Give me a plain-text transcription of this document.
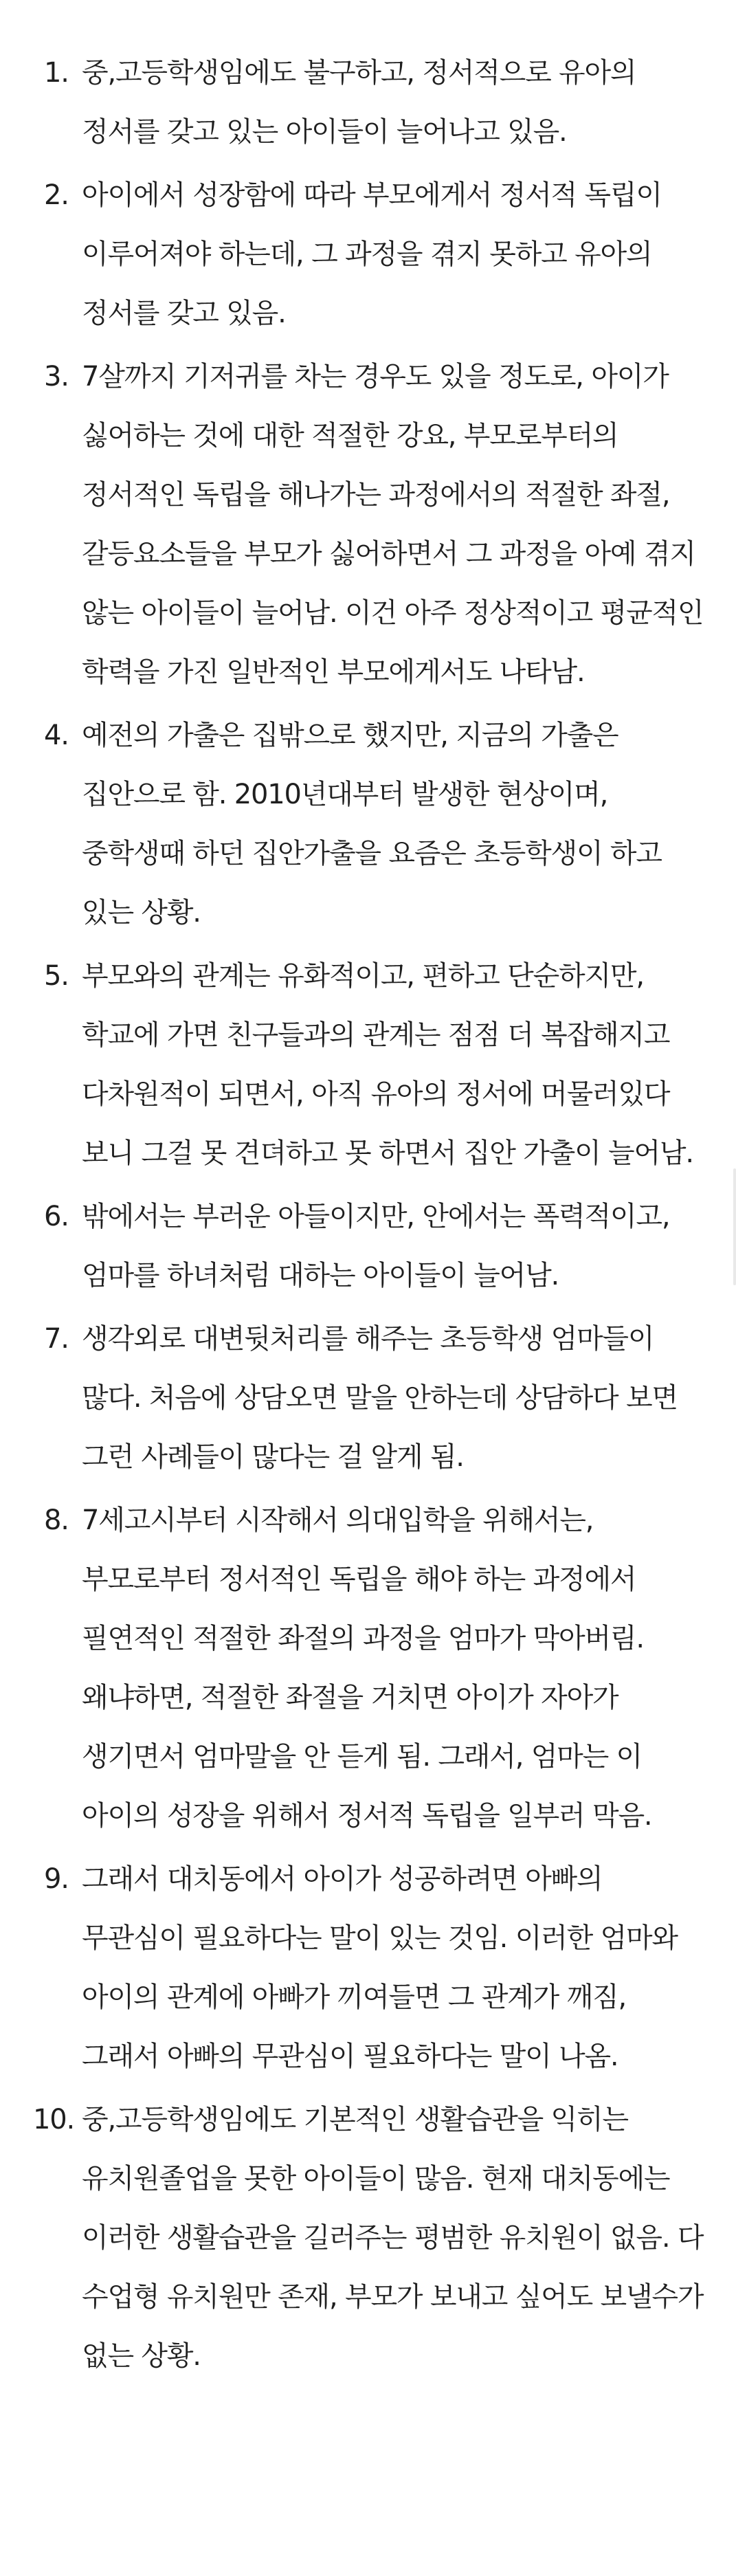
1. 중,고등학생임에도 불구하고, 정서적으로 유아의 정서를 갖고 있는 아이들이 늘어나고 있음.
2. 아이에서 성장함에 따라 부모에게서 정서적 독립이 이루어져야 하는데, 그 과정을 겪지 못하고 유아의 정서를 갖고 있음.
3. 7살까지 기저귀를 차는 경우도 있을 정도로, 아이가 싫어하는 것에 대한 적절한 강요, 부모로부터의 정서적인 독립을 해나가는 과정에서의 적절한 좌절, 갈등요소들을 부모가 싫어하면서 그 과정을 아예 겪지 않는 아이들이 늘어남. 이건 아주 정상적이고 평균적인 학력을 가진 일반적인 부모에게서도 나타남.
4. 예전의 가출은 집밖으로 했지만, 지금의 가출은 집안으로 함. 2010년대부터 발생한 현상이며, 중학생때 하던 집안가출을 요즘은 초등학생이 하고 있는 상황.
5. 부모와의 관계는 유화적이고, 편하고 단순하지만, 학교에 가면 친구들과의 관계는 점점 더 복잡해지고 다차원적이 되면서, 아직 유아의 정서에 머물러있다 보니 그걸 못 견뎌하고 못 하면서 집안 가출이 늘어남.
6. 밖에서는 부러운 아들이지만, 안에서는 폭력적이고, 엄마를 하녀처럼 대하는 아이들이 늘어남.
7. 생각외로 대변뒷처리를 해주는 초등학생 엄마들이 많다. 처음에 상담오면 말을 안하는데 상담하다 보면 그런 사례들이 많다는 걸 알게 됨.
8. 7세고시부터 시작해서 의대입학을 위해서는, 부모로부터 정서적인 독립을 해야 하는 과정에서 필연적인 적절한 좌절의 과정을 엄마가 막아버림. 왜냐하면, 적절한 좌절을 거치면 아이가 자아가 생기면서 엄마말을 안 듣게 됨. 그래서, 엄마는 이 아이의 성장을 위해서 정서적 독립을 일부러 막음.
9. 그래서 대치동에서 아이가 성공하려면 아빠의 무관심이 필요하다는 말이 있는 것임. 이러한 엄마와 아이의 관계에 아빠가 끼여들면 그 관계가 깨짐, 그래서 아빠의 무관심이 필요하다는 말이 나옴.
10. 중,고등학생임에도 기본적인 생활습관을 익히는 유치원졸업을 못한 아이들이 많음. 현재 대치동에는 이러한 생활습관을 길러주는 평범한 유치원이 없음. 다 수업형 유치원만 존재, 부모가 보내고 싶어도 보낼수가 없는 상황.
